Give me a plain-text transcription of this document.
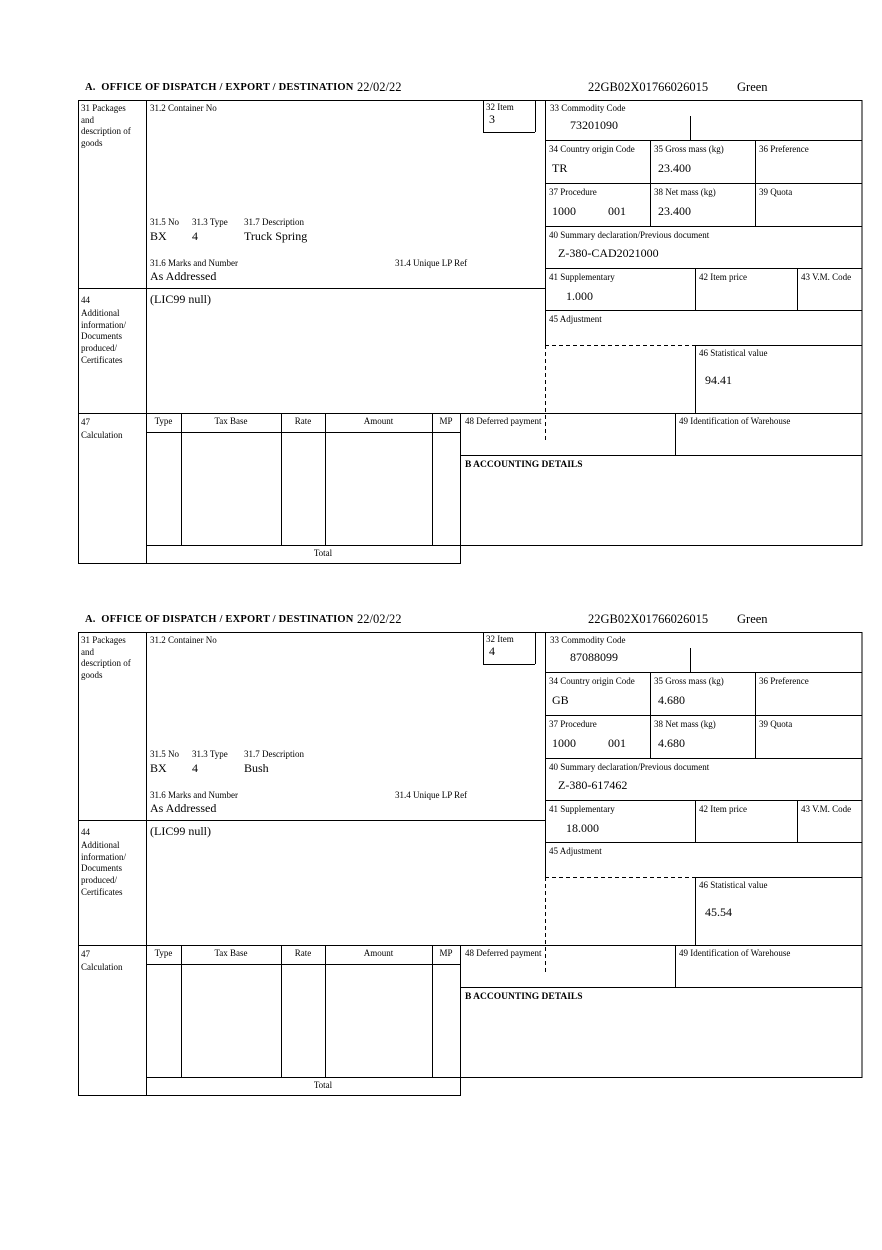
A.  OFFICE OF DISPATCH / EXPORT / DESTINATION 22/02/22	22GB02X01766026015 Green
31 Packages and description of goods
31.2 Container No	32 Item
3
33 Commodity Code
73201090
34 Country origin Code
TR
35 Gross mass (kg)
23.400
36 Preference
37 Procedure
1000	001
38 Net mass (kg)
23.400
39 Quota
40 Summary declaration/Previous document
Z-380-CAD2021000
41 Supplementary
1.000
42 Item price	43 V.M. Code
45 Adjustment
46 Statistical value
94.41
31.5 No 31.3 Type 31.7 Description
BX 4	Truck Spring
31.6 Marks and Number	31.4 Unique LP Ref
As Addressed
44
Additional information/ Documents produced/ Certificates
(LIC99 null)
47
Calculation
Type	Tax Base	Rate	Amount	MP
Total
48 Deferred payment	49 Identification of Warehouse
B ACCOUNTING DETAILS
A.  OFFICE OF DISPATCH / EXPORT / DESTINATION 22/02/22	22GB02X01766026015 Green
31 Packages and description of goods
31.2 Container No	32 Item
4
33 Commodity Code
87088099
34 Country origin Code
GB
35 Gross mass (kg)
4.680
36 Preference
37 Procedure
1000	001
38 Net mass (kg)
4.680
39 Quota
40 Summary declaration/Previous document
Z-380-617462
41 Supplementary
18.000
42 Item price	43 V.M. Code
45 Adjustment
46 Statistical value
45.54
31.5 No 31.3 Type 31.7 Description
BX 4	Bush
31.6 Marks and Number	31.4 Unique LP Ref
As Addressed
44
Additional information/ Documents produced/ Certificates
(LIC99 null)
47
Calculation
Type	Tax Base	Rate	Amount	MP
Total
48 Deferred payment	49 Identification of Warehouse
B ACCOUNTING DETAILS
